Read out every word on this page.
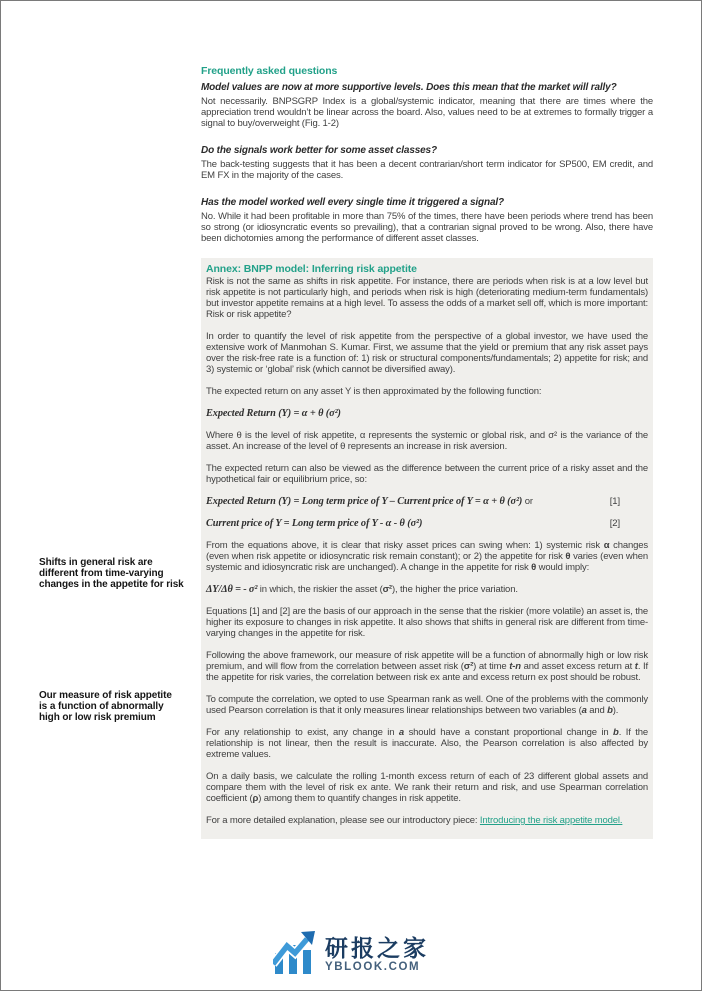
Shifts in general risk are different from time-varying changes in the appetite for risk
Our measure of risk appetite is a function of abnormally high or low risk premium

Frequently asked questions

Model values are now at more supportive levels. Does this mean that the market will rally?

Not necessarily. BNPSGRP Index is a global/systemic indicator, meaning that there are times where the appreciation trend wouldn’t be linear across the board. Also, values need to be at extremes to formally trigger a signal to buy/overweight (Fig. 1-2)

Do the signals work better for some asset classes?

The back-testing suggests that it has been a decent contrarian/short term indicator for SP500, EM credit, and EM FX in the majority of the cases.

Has the model worked well every single time it triggered a signal?

No. While it had been profitable in more than 75% of the times, there have been periods where trend has been so strong (or idiosyncratic events so prevailing), that a contrarian signal proved to be wrong. Also, there have been dichotomies among the performance of different asset classes.

Annex: BNPP model: Inferring risk appetite

Risk is not the same as shifts in risk appetite. For instance, there are periods when risk is at a low level but risk appetite is not particularly high, and periods when risk is high (deteriorating medium-term fundamentals) but investor appetite remains at a high level. To assess the odds of a market sell off, which is more important: Risk or risk appetite?

In order to quantify the level of risk appetite from the perspective of a global investor, we have used the extensive work of Manmohan S. Kumar. First, we assume that the yield or premium that any risk asset pays over the risk-free rate is a function of: 1) risk or structural components/fundamentals; 2) appetite for risk; and 3) systemic or ‘global’ risk (which cannot be diversified away).

The expected return on any asset Y is then approximated by the following function:

Expected Return (Y) = α + θ (σ²)

Where θ is the level of risk appetite, α represents the systemic or global risk, and σ² is the variance of the asset. An increase of the level of θ represents an increase in risk aversion.

The expected return can also be viewed as the difference between the current price of a risky asset and the hypothetical fair or equilibrium price, so:

Expected Return (Y) = Long term price of Y – Current price of Y = α + θ (σ²) or	[1]
Current price of Y = Long term price of Y - α - θ (σ²)	[2]

From the equations above, it is clear that risky asset prices can swing when: 1) systemic risk α changes (even when risk appetite or idiosyncratic risk remain constant); or 2) the appetite for risk θ varies (even when systemic and idiosyncratic risk are unchanged). A change in the appetite for risk θ would imply:

ΔY/Δθ = - σ² in which, the riskier the asset (σ²), the higher the price variation.

Equations [1] and [2] are the basis of our approach in the sense that the riskier (more volatile) an asset is, the higher its exposure to changes in risk appetite. It also shows that shifts in general risk are different from time-varying changes in the appetite for risk.

Following the above framework, our measure of risk appetite will be a function of abnormally high or low risk premium, and will flow from the correlation between asset risk (σ²) at time t-n and asset excess return at t. If the appetite for risk varies, the correlation between risk ex ante and excess return ex post should be robust.

To compute the correlation, we opted to use Spearman rank as well. One of the problems with the commonly used Pearson correlation is that it only measures linear relationships between two variables (a and b).

For any relationship to exist, any change in a should have a constant proportional change in b. If the relationship is not linear, then the result is inaccurate. Also, the Pearson correlation is also affected by extreme values.

On a daily basis, we calculate the rolling 1-month excess return of each of 23 different global assets and compare them with the level of risk ex ante. We rank their return and risk, and use Spearman correlation coefficient (ρ) among them to quantify changes in risk appetite.

For a more detailed explanation, please see our introductory piece: Introducing the risk appetite model.

研报之家
YBLOOK.COM
